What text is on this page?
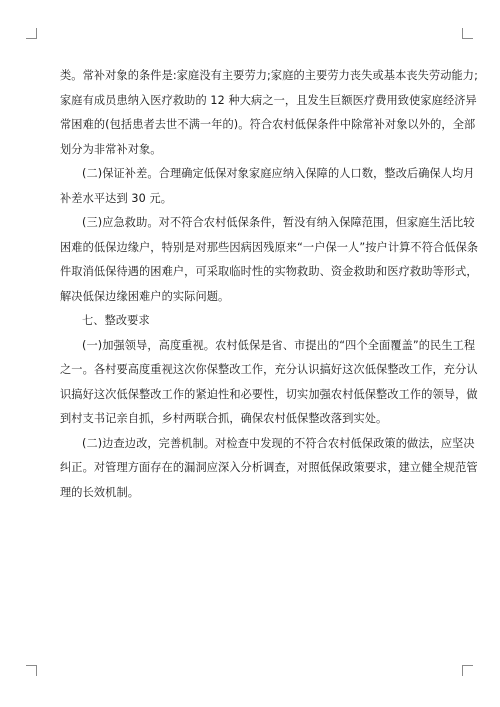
类。常补对象的条件是:家庭没有主要劳力;家庭的主要劳力丧失或基本丧失劳动能力;
家庭有成员患纳入医疗救助的 12 种大病之一，且发生巨额医疗费用致使家庭经济异
常困难的(包括患者去世不满一年的)。符合农村低保条件中除常补对象以外的，全部
划分为非常补对象。
(二)保证补差。合理确定低保对象家庭应纳入保障的人口数，整改后确保人均月
补差水平达到 30 元。
(三)应急救助。对不符合农村低保条件，暂没有纳入保障范围，但家庭生活比较
困难的低保边缘户，特别是对那些因病因残原来“一户保一人”按户计算不符合低保条
件取消低保待遇的困难户，可采取临时性的实物救助、资金救助和医疗救助等形式，
解决低保边缘困难户的实际问题。
七、整改要求
(一)加强领导，高度重视。农村低保是省、市提出的“四个全面覆盖”的民生工程
之一。各村要高度重视这次你保整改工作，充分认识搞好这次低保整改工作，充分认
识搞好这次低保整改工作的紧迫性和必要性，切实加强农村低保整改工作的领导，做
到村支书记亲自抓，乡村两联合抓，确保农村低保整改落到实处。
(二)边查边改，完善机制。对检查中发现的不符合农村低保政策的做法，应坚决
纠正。对管理方面存在的漏洞应深入分析调查，对照低保政策要求，建立健全规范管
理的长效机制。
